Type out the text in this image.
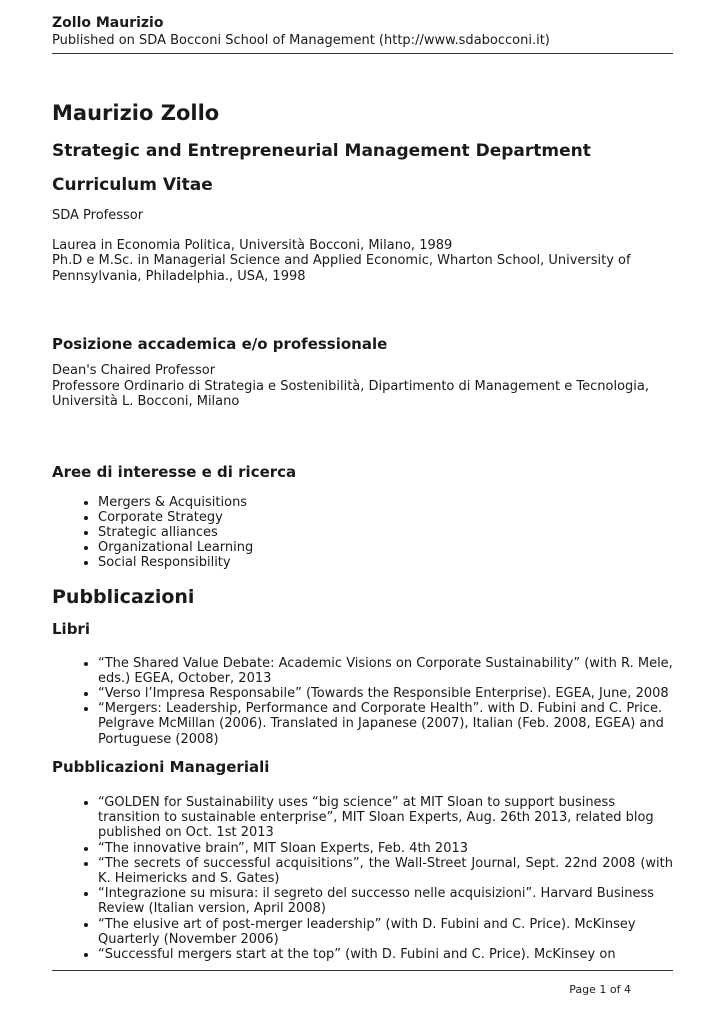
Zollo Maurizio
Published on SDA Bocconi School of Management (http://www.sdabocconi.it)
Maurizio Zollo
Strategic and Entrepreneurial Management Department
Curriculum Vitae

SDA Professor

Laurea in Economia Politica, Università Bocconi, Milano, 1989

Ph.D e M.Sc. in Managerial Science and Applied Economic, Wharton School, University of Pennsylvania, Philadelphia., USA, 1998

Posizione accademica e/o professionale

Dean's Chaired Professor

Professore Ordinario di Strategia e Sostenibilità, Dipartimento di Management e Tecnologia, Università L. Bocconi, Milano

Aree di interesse e di ricerca
• Mergers & Acquisitions
• Corporate Strategy
• Strategic alliances
• Organizational Learning
• Social Responsibility
Pubblicazioni
Libri
• “The Shared Value Debate: Academic Visions on Corporate Sustainability” (with R. Mele, eds.) EGEA, October, 2013
• “Verso l’Impresa Responsabile” (Towards the Responsible Enterprise). EGEA, June, 2008
• “Mergers: Leadership, Performance and Corporate Health”. with D. Fubini and C. Price. Pelgrave McMillan (2006). Translated in Japanese (2007), Italian (Feb. 2008, EGEA) and Portuguese (2008)
Pubblicazioni Manageriali
• “GOLDEN for Sustainability uses “big science” at MIT Sloan to support business transition to sustainable enterprise”, MIT Sloan Experts, Aug. 26th 2013, related blog published on Oct. 1st 2013
• “The innovative brain”, MIT Sloan Experts, Feb. 4th 2013
• “The secrets of successful acquisitions”, the Wall-Street Journal, Sept. 22nd 2008 (with K. Heimericks and S. Gates)
• “Integrazione su misura: il segreto del successo nelle acquisizioni”. Harvard Business Review (Italian version, April 2008)
• “The elusive art of post-merger leadership” (with D. Fubini and C. Price). McKinsey Quarterly (November 2006)
• “Successful mergers start at the top” (with D. Fubini and C. Price). McKinsey on
Page 1 of 4
